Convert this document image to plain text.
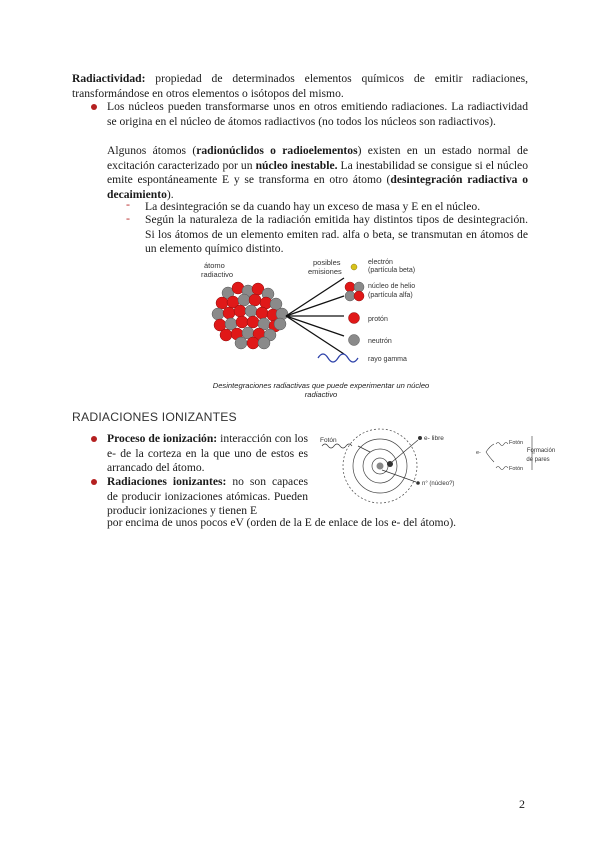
Radiactividad: propiedad de determinados elementos químicos de emitir radiaciones, transformándose en otros elementos o isótopos del mismo.

Los núcleos pueden transformarse unos en otros emitiendo radiaciones. La radiactividad se origina en el núcleo de átomos radiactivos (no todos los núcleos son radiactivos).

Algunos átomos (radionúclidos o radioelementos) existen en un estado normal de excitación caracterizado por un núcleo inestable. La inestabilidad se consigue si el núcleo emite espontáneamente E y se transforma en otro átomo (desintegración radiactiva o decaimiento).

- La desintegración se da cuando hay un exceso de masa y E en el núcleo.

- Según la naturaleza de la radiación emitida hay distintos tipos de desintegración. Si los átomos de un elemento emiten rad. alfa o beta, se transmutan en átomos de un elemento químico distinto.

átomo
radiactivo
posibles
emisiones
electrón
(partícula beta)
núcleo de helio
(partícula alfa)
protón
neutrón
rayo gamma
Desintegraciones radiactivas que puede experimentar un núcleo radiactivo
RADIACIONES IONIZANTES

Proceso de ionización: interacción con los e- de la corteza en la que uno de estos es arrancado del átomo.

Radiaciones ionizantes: no son capaces de producir ionizaciones atómicas. Pueden producir ionizaciones y tienen E

por encima de unos pocos eV (orden de la E de enlace de los e- del átomo).

Fotón	e- libre
n° (núcleo?)
e-
Fotón
Fotón
Formación
de pares
2
